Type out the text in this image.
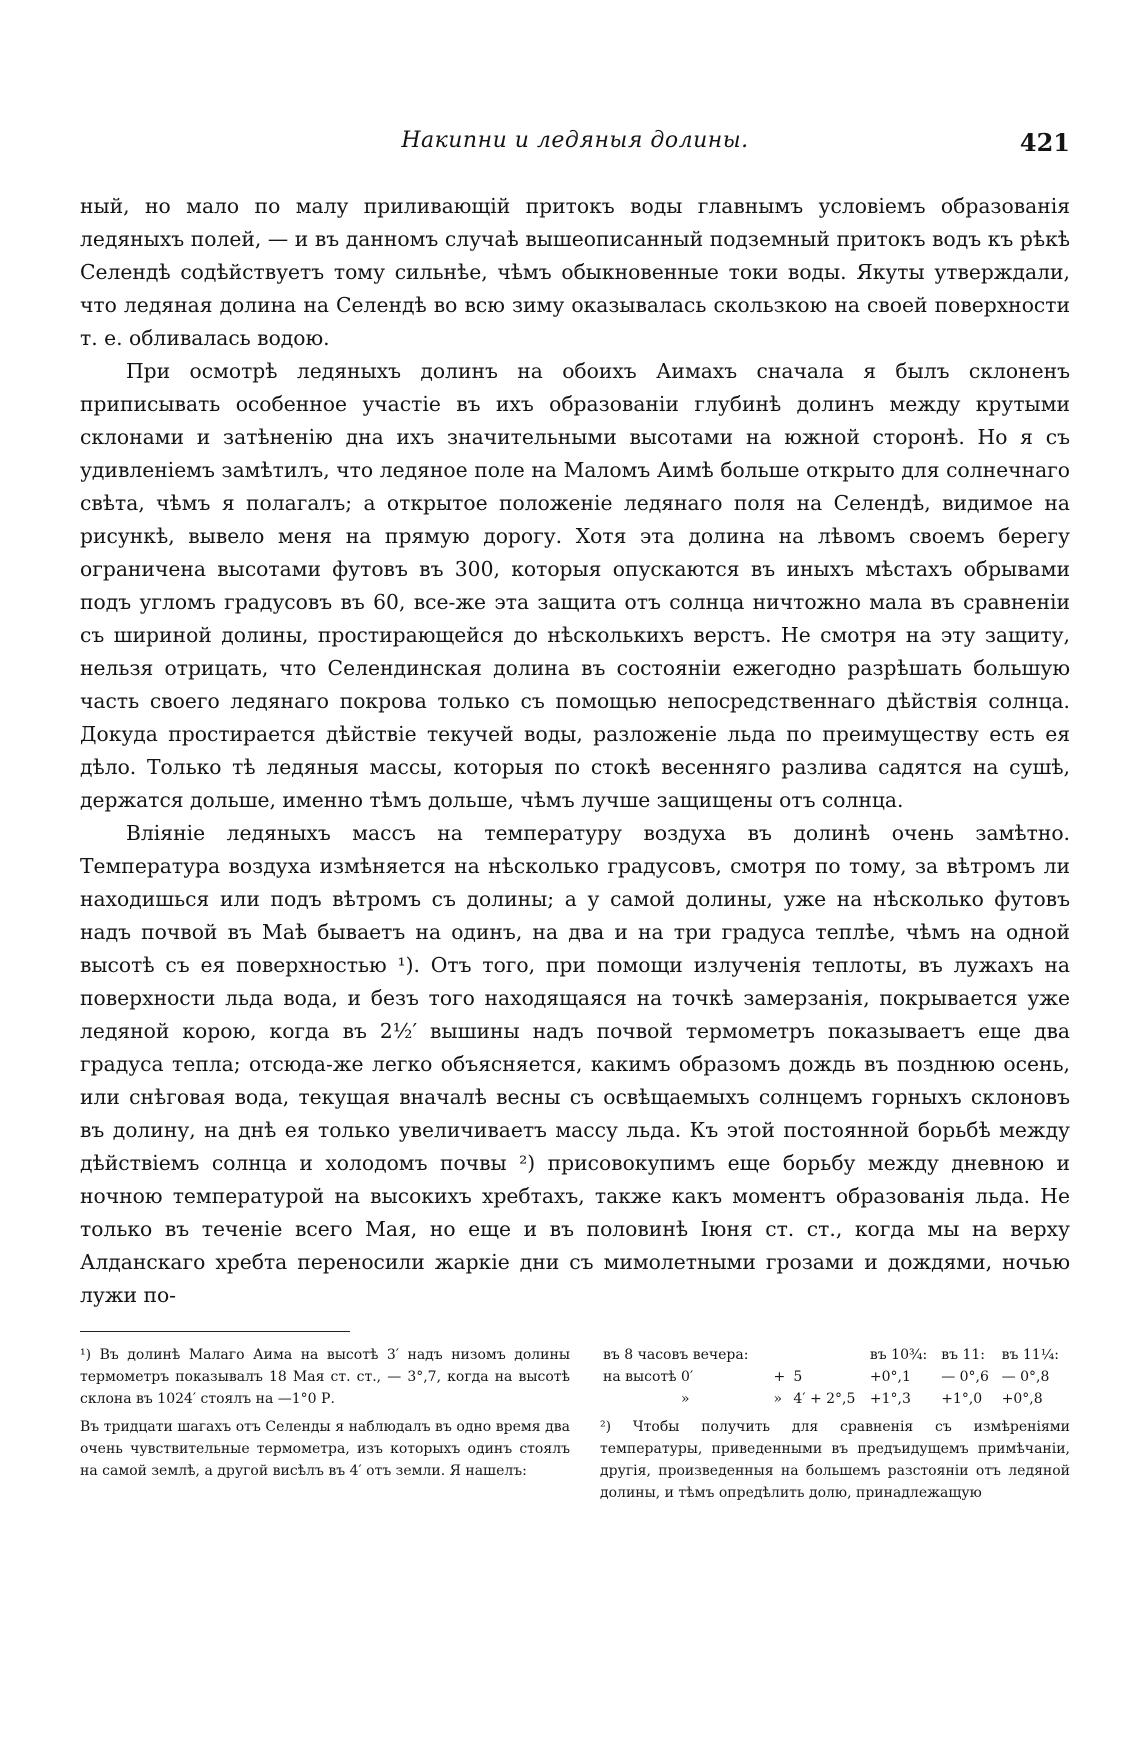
Накипни и ледяныя долины.	421

ный, но мало по малу приливающій притокъ воды главнымъ условіемъ образованія ледяныхъ полей, — и въ данномъ случаѣ вышеописанный подземный притокъ водъ къ рѣкѣ Селендѣ содѣйствуетъ тому сильнѣе, чѣмъ обыкновенные токи воды. Якуты утверждали, что ледяная долина на Селендѣ во всю зиму оказывалась скользкою на своей поверхности т. е. обливалась водою.

При осмотрѣ ледяныхъ долинъ на обоихъ Аимахъ сначала я былъ склоненъ приписывать особенное участіе въ ихъ образованіи глубинѣ долинъ между крутыми склонами и затѣненію дна ихъ значительными высотами на южной сторонѣ. Но я съ удивленіемъ замѣтилъ, что ледяное поле на Маломъ Аимѣ больше открыто для солнечнаго свѣта, чѣмъ я полагалъ; а открытое положеніе ледянаго поля на Селендѣ, видимое на рисункѣ, вывело меня на прямую дорогу. Хотя эта долина на лѣвомъ своемъ берегу ограничена высотами футовъ въ 300, которыя опускаются въ иныхъ мѣстахъ обрывами подъ угломъ градусовъ въ 60, все-же эта защита отъ солнца ничтожно мала въ сравненіи съ шириной долины, простирающейся до нѣсколькихъ верстъ. Не смотря на эту защиту, нельзя отрицать, что Селендинская долина въ состояніи ежегодно разрѣшать большую часть своего ледянаго покрова только съ помощью непосредственнаго дѣйствія солнца. Докуда простирается дѣйствіе текучей воды, разложеніе льда по преимуществу есть ея дѣло. Только тѣ ледяныя массы, которыя по стокѣ весенняго разлива садятся на сушѣ, держатся дольше, именно тѣмъ дольше, чѣмъ лучше защищены отъ солнца.

Вліяніе ледяныхъ массъ на температуру воздуха въ долинѣ очень замѣтно. Температура воздуха измѣняется на нѣсколько градусовъ, смотря по тому, за вѣтромъ ли находишься или подъ вѣтромъ съ долины; а у самой долины, уже на нѣсколько футовъ надъ почвой въ Маѣ бываетъ на одинъ, на два и на три градуса теплѣе, чѣмъ на одной высотѣ съ ея поверхностью ¹). Отъ того, при помощи излученія теплоты, въ лужахъ на поверхности льда вода, и безъ того находящаяся на точкѣ замерзанія, покрывается уже ледяной корою, когда въ 2½′ вышины надъ почвой термометръ показываетъ еще два градуса тепла; отсюда-же легко объясняется, какимъ образомъ дождь въ позднюю осень, или снѣговая вода, текущая вначалѣ весны съ освѣщаемыхъ солнцемъ горныхъ склоновъ въ долину, на днѣ ея только увеличиваетъ массу льда. Къ этой постоянной борьбѣ между дѣйствіемъ солнца и холодомъ почвы ²) присовокупимъ еще борьбу между дневною и ночною температурой на высокихъ хребтахъ, также какъ моментъ образованія льда. Не только въ теченіе всего Мая, но еще и въ половинѣ Іюня ст. ст., когда мы на верху Алданскаго хребта переносили жаркіе дни съ мимолетными грозами и дождями, ночью лужи по-

¹) Въ долинѣ Малаго Аима на высотѣ 3′ надъ низомъ долины термометръ показывалъ 18 Мая ст. ст., — 3°,7, когда на высотѣ склона въ 1024′ стоялъ на —1°0 Р.

Въ тридцати шагахъ отъ Селенды я наблюдалъ въ одно время два очень чувствительные термометра, изъ которыхъ одинъ стоялъ на самой землѣ, а другой висѣлъ въ 4′ отъ земли. Я нашелъ:

въ 8 часовъ вечера:			въ 10¾:	въ 11:	въ 11¼:
на высотѣ 0′	+	5	+0°,1	— 0°,6	— 0°,8
»	»	4′ + 2°,5	+1°,3	+1°,0	+0°,8

²) Чтобы получить для сравненія съ измѣреніями температуры, приведенными въ предъидущемъ примѣчаніи, другія, произведенныя на большемъ разстояніи отъ ледяной долины, и тѣмъ опредѣлить долю, принадлежащую
